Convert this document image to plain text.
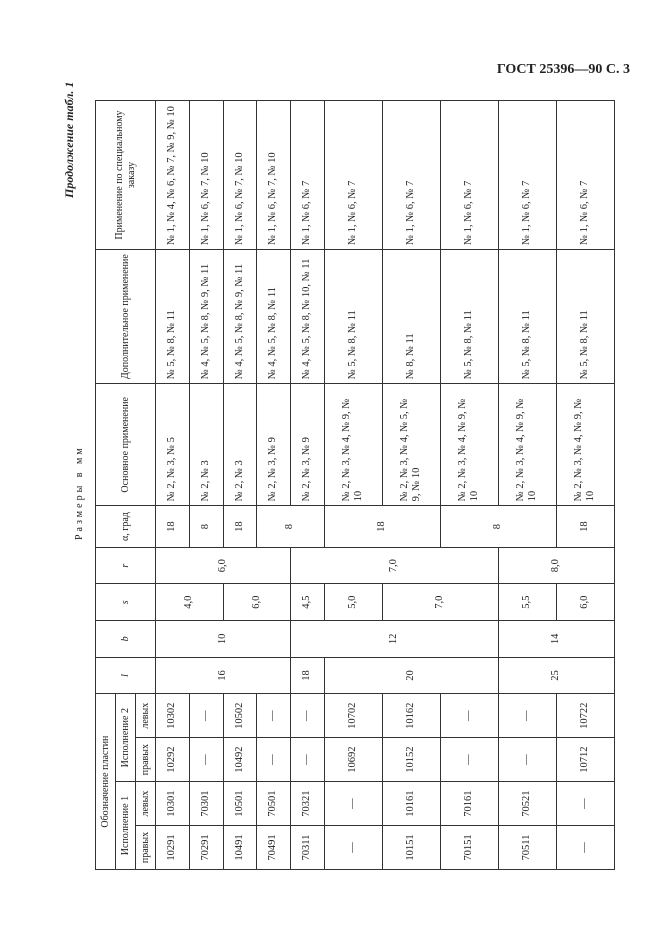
ГОСТ 25396—90 С. 3
Продолжение табл. 1
Размеры в мм
Обозначение пластин				l	b	s	r	α, град	Основное применение	Дополнительное применение	Применение по специальному заказу
Исполнение 1		Исполнение 2									
правых	левых	правых	левых								
10291	10301	10292	10302	16	10	4,0	6,0	18	№ 2, № 3, № 5	№ 5, № 8, № 11	№ 1, № 4, № 6, № 7, № 9, № 10
70291	70301	—	—					8	№ 2, № 3	№ 4, № 5, № 8, № 9, № 11	№ 1, № 6, № 7, № 10
10491	10501	10492	10502			6,0		18	№ 2, № 3	№ 4, № 5, № 8, № 9, № 11	№ 1, № 6, № 7, № 10
70491	70501	—	—					8	№ 2, № 3, № 9	№ 4, № 5, № 8, № 11	№ 1, № 6, № 7, № 10
70311	70321	—	—	18	12	4,5	7,0		№ 2, № 3, № 9	№ 4, № 5, № 8, № 10, № 11	№ 1, № 6, № 7
—	—	10692	10702	20		5,0		18	№ 2, № 3, № 4, № 9, № 10	№ 5, № 8, № 11	№ 1, № 6, № 7
10151	10161	10152	10162			7,0			№ 2, № 3, № 4, № 5, № 9, № 10	№ 8, № 11	№ 1, № 6, № 7
70151	70161	—	—					8	№ 2, № 3, № 4, № 9, № 10	№ 5, № 8, № 11	№ 1, № 6, № 7
70511	70521	—	—	25	14	5,5	8,0		№ 2, № 3, № 4, № 9, № 10	№ 5, № 8, № 11	№ 1, № 6, № 7
—	—	10712	10722			6,0		18	№ 2, № 3, № 4, № 9, № 10	№ 5, № 8, № 11	№ 1, № 6, № 7
